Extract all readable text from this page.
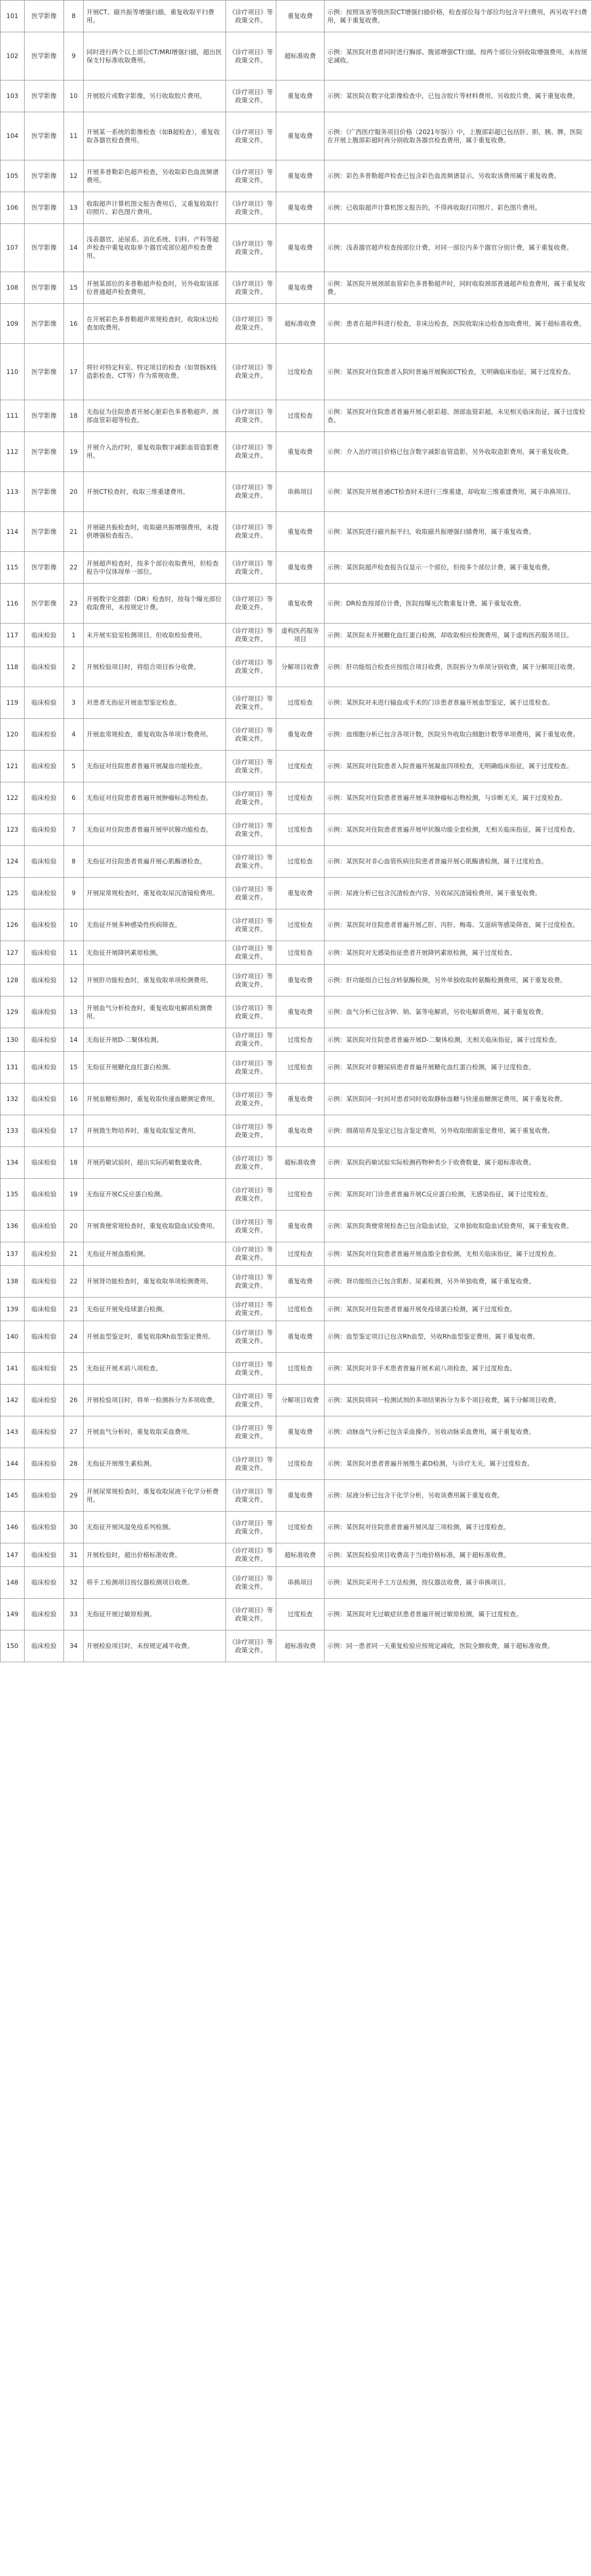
101	医学影像	8	开展CT、磁共振等增强扫描，重复收取平扫费用。	《诊疗项目》等政策文件。	重复收费	示例：按照该省等级医院CT增强扫描价格，检查部位每个部位均包含平扫费用，再另收平扫费用，属于重复收费。
102	医学影像	9	同时进行两个以上部位CT/MRI增强扫描，超出医保支付标准收取费用。	《诊疗项目》等政策文件。	超标准收费	示例：某医院对患者同时进行胸部、腹部增强CT扫描，按两个部位分别收取增强费用，未按规定减收。
103	医学影像	10	开展胶片或数字影像，另行收取胶片费用。	《诊疗项目》等政策文件。	重复收费	示例：某医院在数字化影像检查中，已包含胶片等材料费用，另收胶片费，属于重复收费。
104	医学影像	11	开展某一系统的影像检查（如B超检查），重复收取各器官检查费用。	《诊疗项目》等政策文件。	重复收费	示例：《广西医疗服务项目价格（2021年版）》中，上腹部彩超已包括肝、胆、胰、脾，医院在开展上腹部彩超时再分别收取各器官检查费用，属于重复收费。
105	医学影像	12	开展多普勒彩色超声检查，另收取彩色血流频谱费用。	《诊疗项目》等政策文件。	重复收费	示例：彩色多普勒超声检查已包含彩色血流频谱显示，另收取该费用属于重复收费。
106	医学影像	13	收取超声计算机图文报告费用后，又重复收取打印照片、彩色图片费用。	《诊疗项目》等政策文件。	重复收费	示例：已收取超声计算机图文报告的，不得再收取打印照片、彩色图片费用。
107	医学影像	14	浅表器官、泌尿系、消化系统、妇科、产科等超声检查中重复收取单个器官或部位超声检查费用。	《诊疗项目》等政策文件。	重复收费	示例：浅表器官超声检查按部位计费，对同一部位内多个器官分别计费，属于重复收费。
108	医学影像	15	开展某部位的多普勒超声检查时，另外收取该部位普通超声检查费用。	《诊疗项目》等政策文件。	重复收费	示例：某医院开展颈部血管彩色多普勒超声时，同时收取颈部普通超声检查费用，属于重复收费。
109	医学影像	16	在开展彩色多普勒超声常规检查时，收取床边检查加收费用。	《诊疗项目》等政策文件。	超标准收费	示例：患者在超声科进行检查，非床边检查，医院收取床边检查加收费用，属于超标准收费。
110	医学影像	17	将针对特定科室、特定项目的检查（如胃肠X线造影检查、CT等）作为常规收费。	《诊疗项目》等政策文件。	过度检查	示例：某医院对住院患者入院时普遍开展胸部CT检查，无明确临床指征，属于过度检查。
111	医学影像	18	无指征为住院患者开展心脏彩色多普勒超声、颈部血管彩超等检查。	《诊疗项目》等政策文件。	过度检查	示例：某医院对住院患者普遍开展心脏彩超、颈部血管彩超，未见相关临床指征，属于过度检查。
112	医学影像	19	开展介入治疗时，重复收取数字减影血管造影费用。	《诊疗项目》等政策文件。	重复收费	示例：介入治疗项目价格已包含数字减影血管造影，另外收取造影费用，属于重复收费。
113	医学影像	20	开展CT检查时，收取三维重建费用。	《诊疗项目》等政策文件。	串换项目	示例：某医院开展普通CT检查时未进行三维重建，却收取三维重建费用，属于串换项目。
114	医学影像	21	开展磁共振检查时，收取磁共振增强费用，未提供增强检查报告。	《诊疗项目》等政策文件。	重复收费	示例：某医院进行磁共振平扫，收取磁共振增强扫描费用，属于重复收费。
115	医学影像	22	开展超声检查时，按多个部位收取费用，但检查报告中仅体现单一部位。	《诊疗项目》等政策文件。	重复收费	示例：某医院超声检查报告仅显示一个部位，但按多个部位计费，属于重复收费。
116	医学影像	23	开展数字化摄影（DR）检查时，按每个曝光部位收取费用，未按规定计费。	《诊疗项目》等政策文件。	重复收费	示例：DR检查按部位计费，医院按曝光次数重复计费，属于重复收费。
117	临床检验	1	未开展实验室检测项目，但收取检验费用。	《诊疗项目》等政策文件。	虚构医药服务项目	示例：某医院未开展糖化血红蛋白检测，却收取相应检测费用，属于虚构医药服务项目。
118	临床检验	2	开展检验项目时，将组合项目拆分收费。	《诊疗项目》等政策文件。	分解项目收费	示例：肝功能组合检查应按组合项目收费，医院拆分为单项分别收费，属于分解项目收费。
119	临床检验	3	对患者无指征开展血型鉴定检查。	《诊疗项目》等政策文件。	过度检查	示例：某医院对未进行输血或手术的门诊患者普遍开展血型鉴定，属于过度检查。
120	临床检验	4	开展血常规检查，重复收取各单项计数费用。	《诊疗项目》等政策文件。	重复收费	示例：血细胞分析已包含各项计数，医院另外收取白细胞计数等单项费用，属于重复收费。
121	临床检验	5	无指征对住院患者普遍开展凝血功能检查。	《诊疗项目》等政策文件。	过度检查	示例：某医院对住院患者入院普遍开展凝血四项检查，无明确临床指征，属于过度检查。
122	临床检验	6	无指征对住院患者普遍开展肿瘤标志物检查。	《诊疗项目》等政策文件。	过度检查	示例：某医院对住院患者普遍开展多项肿瘤标志物检测，与诊断无关，属于过度检查。
123	临床检验	7	无指征对住院患者普遍开展甲状腺功能检查。	《诊疗项目》等政策文件。	过度检查	示例：某医院对住院患者普遍开展甲状腺功能全套检测，无相关临床指征，属于过度检查。
124	临床检验	8	无指征对住院患者普遍开展心肌酶谱检查。	《诊疗项目》等政策文件。	过度检查	示例：某医院对非心血管疾病住院患者普遍开展心肌酶谱检测，属于过度检查。
125	临床检验	9	开展尿常规检查时，重复收取尿沉渣镜检费用。	《诊疗项目》等政策文件。	重复收费	示例：尿液分析已包含沉渣检查内容，另收尿沉渣镜检费用，属于重复收费。
126	临床检验	10	无指征开展多种感染性疾病筛查。	《诊疗项目》等政策文件。	过度检查	示例：某医院对住院患者普遍开展乙肝、丙肝、梅毒、艾滋病等感染筛查，属于过度检查。
127	临床检验	11	无指征开展降钙素原检测。	《诊疗项目》等政策文件。	过度检查	示例：某医院对无感染指征患者开展降钙素原检测，属于过度检查。
128	临床检验	12	开展肝功能检查时，重复收取单项检测费用。	《诊疗项目》等政策文件。	重复收费	示例：肝功能组合已包含转氨酶检测，另外单独收取转氨酶检测费用，属于重复收费。
129	临床检验	13	开展血气分析检查时，重复收取电解质检测费用。	《诊疗项目》等政策文件。	重复收费	示例：血气分析已包含钾、钠、氯等电解质，另收电解质费用，属于重复收费。
130	临床检验	14	无指征开展D-二聚体检测。	《诊疗项目》等政策文件。	过度检查	示例：某医院对住院患者普遍开展D-二聚体检测，无相关临床指征，属于过度检查。
131	临床检验	15	无指征开展糖化血红蛋白检测。	《诊疗项目》等政策文件。	过度检查	示例：某医院对非糖尿病患者普遍开展糖化血红蛋白检测，属于过度检查。
132	临床检验	16	开展血糖检测时，重复收取快速血糖测定费用。	《诊疗项目》等政策文件。	重复收费	示例：某医院同一时间对患者同时收取静脉血糖与快速血糖测定费用，属于重复收费。
133	临床检验	17	开展微生物培养时，重复收取鉴定费用。	《诊疗项目》等政策文件。	重复收费	示例：细菌培养及鉴定已包含鉴定费用，另外收取细菌鉴定费用，属于重复收费。
134	临床检验	18	开展药敏试验时，超出实际药敏数量收费。	《诊疗项目》等政策文件。	超标准收费	示例：某医院药敏试验实际检测药物种类少于收费数量，属于超标准收费。
135	临床检验	19	无指征开展C反应蛋白检测。	《诊疗项目》等政策文件。	过度检查	示例：某医院对门诊患者普遍开展C反应蛋白检测，无感染指征，属于过度检查。
136	临床检验	20	开展粪便常规检查时，重复收取隐血试验费用。	《诊疗项目》等政策文件。	重复收费	示例：某医院粪便常规检查已包含隐血试验，又单独收取隐血试验费用，属于重复收费。
137	临床检验	21	无指征开展血脂检测。	《诊疗项目》等政策文件。	过度检查	示例：某医院对住院患者普遍开展血脂全套检测，无相关临床指征，属于过度检查。
138	临床检验	22	开展肾功能检查时，重复收取单项检测费用。	《诊疗项目》等政策文件。	重复收费	示例：肾功能组合已包含肌酐、尿素检测，另外单独收费，属于重复收费。
139	临床检验	23	无指征开展免疫球蛋白检测。	《诊疗项目》等政策文件。	过度检查	示例：某医院对住院患者普遍开展免疫球蛋白检测，属于过度检查。
140	临床检验	24	开展血型鉴定时，重复收取Rh血型鉴定费用。	《诊疗项目》等政策文件。	重复收费	示例：血型鉴定项目已包含Rh血型，另收Rh血型鉴定费用，属于重复收费。
141	临床检验	25	无指征开展术前八项检查。	《诊疗项目》等政策文件。	过度检查	示例：某医院对非手术患者普遍开展术前八项检查，属于过度检查。
142	临床检验	26	开展检验项目时，将单一检测拆分为多项收费。	《诊疗项目》等政策文件。	分解项目收费	示例：某医院将同一检测试剂的多项结果拆分为多个项目收费，属于分解项目收费。
143	临床检验	27	开展血气分析时，重复收取采血费用。	《诊疗项目》等政策文件。	重复收费	示例：动脉血气分析已包含采血操作，另收动脉采血费用，属于重复收费。
144	临床检验	28	无指征开展维生素检测。	《诊疗项目》等政策文件。	过度检查	示例：某医院对患者普遍开展维生素D检测，与诊疗无关，属于过度检查。
145	临床检验	29	开展尿常规检查时，重复收取尿液干化学分析费用。	《诊疗项目》等政策文件。	重复收费	示例：尿液分析已包含干化学分析，另收该费用属于重复收费。
146	临床检验	30	无指征开展风湿免疫系列检测。	《诊疗项目》等政策文件。	过度检查	示例：某医院对住院患者普遍开展风湿三项检测，属于过度检查。
147	临床检验	31	开展检验时，超出价格标准收费。	《诊疗项目》等政策文件。	超标准收费	示例：某医院检验项目收费高于当地价格标准，属于超标准收费。
148	临床检验	32	将手工检测项目按仪器检测项目收费。	《诊疗项目》等政策文件。	串换项目	示例：某医院采用手工方法检测，按仪器法收费，属于串换项目。
149	临床检验	33	无指征开展过敏原检测。	《诊疗项目》等政策文件。	过度检查	示例：某医院对无过敏症状患者普遍开展过敏原检测，属于过度检查。
150	临床检验	34	开展检验项目时，未按规定减半收费。	《诊疗项目》等政策文件。	超标准收费	示例：同一患者同一天重复检验应按规定减收，医院全额收费，属于超标准收费。
